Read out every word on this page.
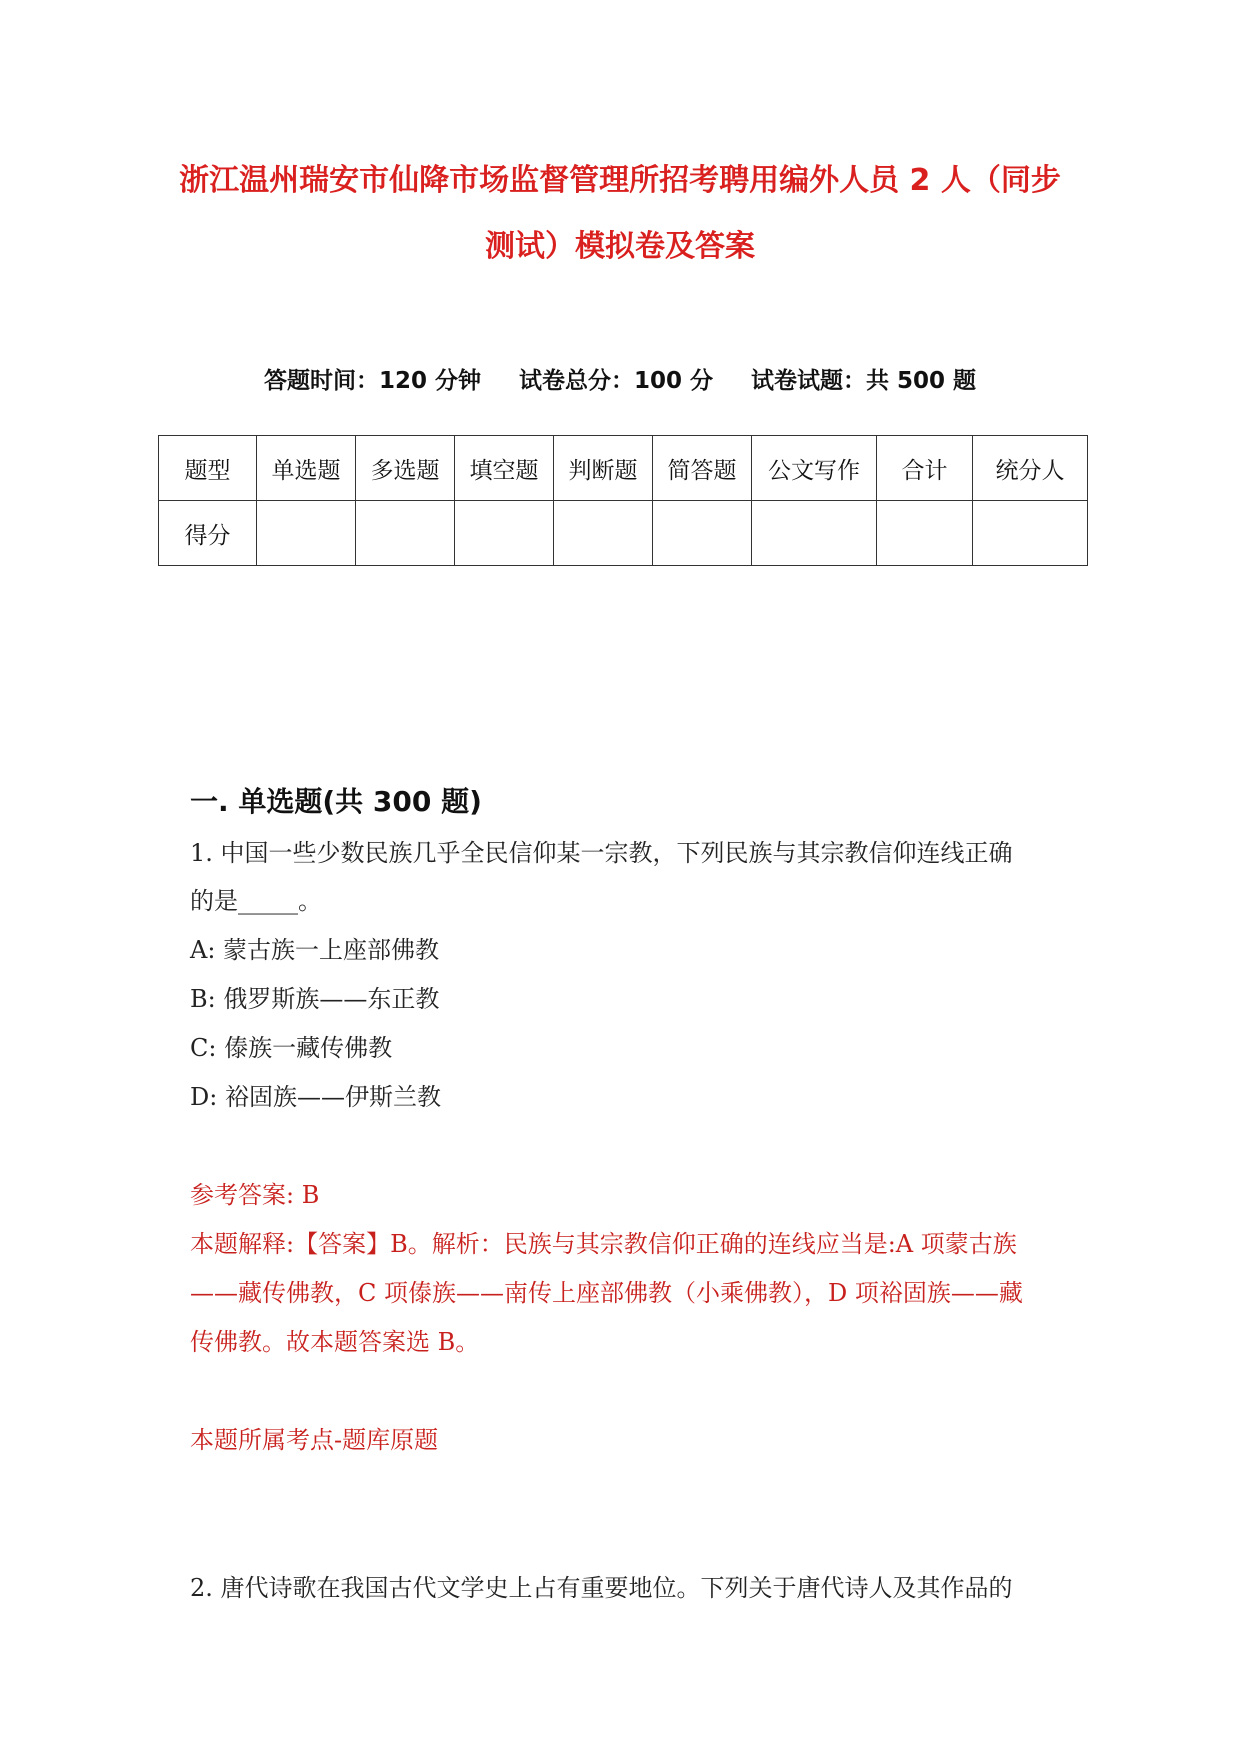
浙江温州瑞安市仙降市场监督管理所招考聘用编外人员 2 人（同步
测试）模拟卷及答案
答题时间：120 分钟 试卷总分：100 分 试卷试题：共 500 题
题型	单选题	多选题	填空题	判断题	简答题	公文写作	合计	统分人
得分								
一. 单选题(共 300 题)
1. 中国一些少数民族几乎全民信仰某一宗教，下列民族与其宗教信仰连线正确
的是_____。
A: 蒙古族一上座部佛教
B: 俄罗斯族——东正教
C: 傣族一藏传佛教
D: 裕固族——伊斯兰教
参考答案: B
本题解释:【答案】B。解析：民族与其宗教信仰正确的连线应当是:A 项蒙古族
——藏传佛教，C 项傣族——南传上座部佛教（小乘佛教），D 项裕固族——藏
传佛教。故本题答案选 B。
本题所属考点-题库原题
2. 唐代诗歌在我国古代文学史上占有重要地位。下列关于唐代诗人及其作品的
